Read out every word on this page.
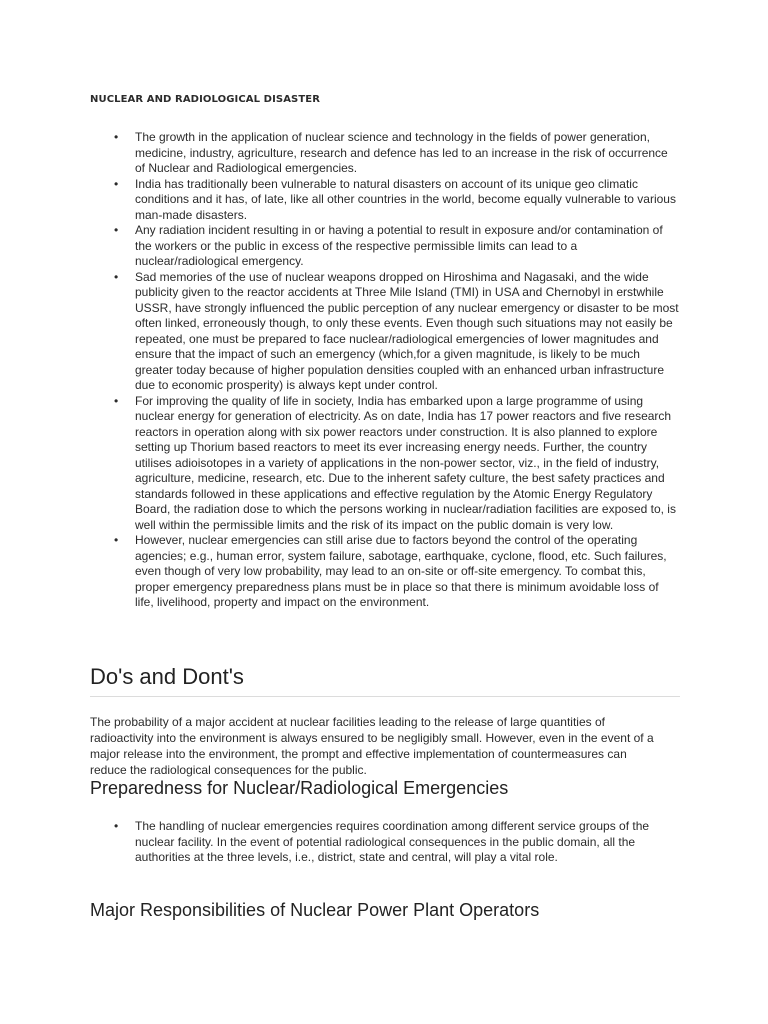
NUCLEAR AND RADIOLOGICAL DISASTER
• The growth in the application of nuclear science and technology in the fields of power generation, medicine, industry, agriculture, research and defence has led to an increase in the risk of occurrence of Nuclear and Radiological emergencies.
• India has traditionally been vulnerable to natural disasters on account of its unique geo climatic conditions and it has, of late, like all other countries in the world, become equally vulnerable to various man-made disasters.
• Any radiation incident resulting in or having a potential to result in exposure and/or contamination of the workers or the public in excess of the respective permissible limits can lead to a nuclear/radiological emergency.
• Sad memories of the use of nuclear weapons dropped on Hiroshima and Nagasaki, and the wide publicity given to the reactor accidents at Three Mile Island (TMI) in USA and Chernobyl in erstwhile USSR, have strongly influenced the public perception of any nuclear emergency or disaster to be most often linked, erroneously though, to only these events. Even though such situations may not easily be repeated, one must be prepared to face nuclear/radiological emergencies of lower magnitudes and ensure that the impact of such an emergency (which,for a given magnitude, is likely to be much greater today because of higher population densities coupled with an enhanced urban infrastructure due to economic prosperity) is always kept under control.
• For improving the quality of life in society, India has embarked upon a large programme of using nuclear energy for generation of electricity. As on date, India has 17 power reactors and five research reactors in operation along with six power reactors under construction. It is also planned to explore setting up Thorium based reactors to meet its ever increasing energy needs. Further, the country utilises adioisotopes in a variety of applications in the non-power sector, viz., in the field of industry, agriculture, medicine, research, etc. Due to the inherent safety culture, the best safety practices and standards followed in these applications and effective regulation by the Atomic Energy Regulatory Board, the radiation dose to which the persons working in nuclear/radiation facilities are exposed to, is well within the permissible limits and the risk of its impact on the public domain is very low.
• However, nuclear emergencies can still arise due to factors beyond the control of the operating agencies; e.g., human error, system failure, sabotage, earthquake, cyclone, flood, etc. Such failures, even though of very low probability, may lead to an on-site or off-site emergency. To combat this, proper emergency preparedness plans must be in place so that there is minimum avoidable loss of life, livelihood, property and impact on the environment.
Do's and Dont's

The probability of a major accident at nuclear facilities leading to the release of large quantities of radioactivity into the environment is always ensured to be negligibly small. However, even in the event of a major release into the environment, the prompt and effective implementation of countermeasures can reduce the radiological consequences for the public.

Preparedness for Nuclear/Radiological Emergencies
• The handling of nuclear emergencies requires coordination among different service groups of the nuclear facility. In the event of potential radiological consequences in the public domain, all the authorities at the three levels, i.e., district, state and central, will play a vital role.
Major Responsibilities of Nuclear Power Plant Operators
